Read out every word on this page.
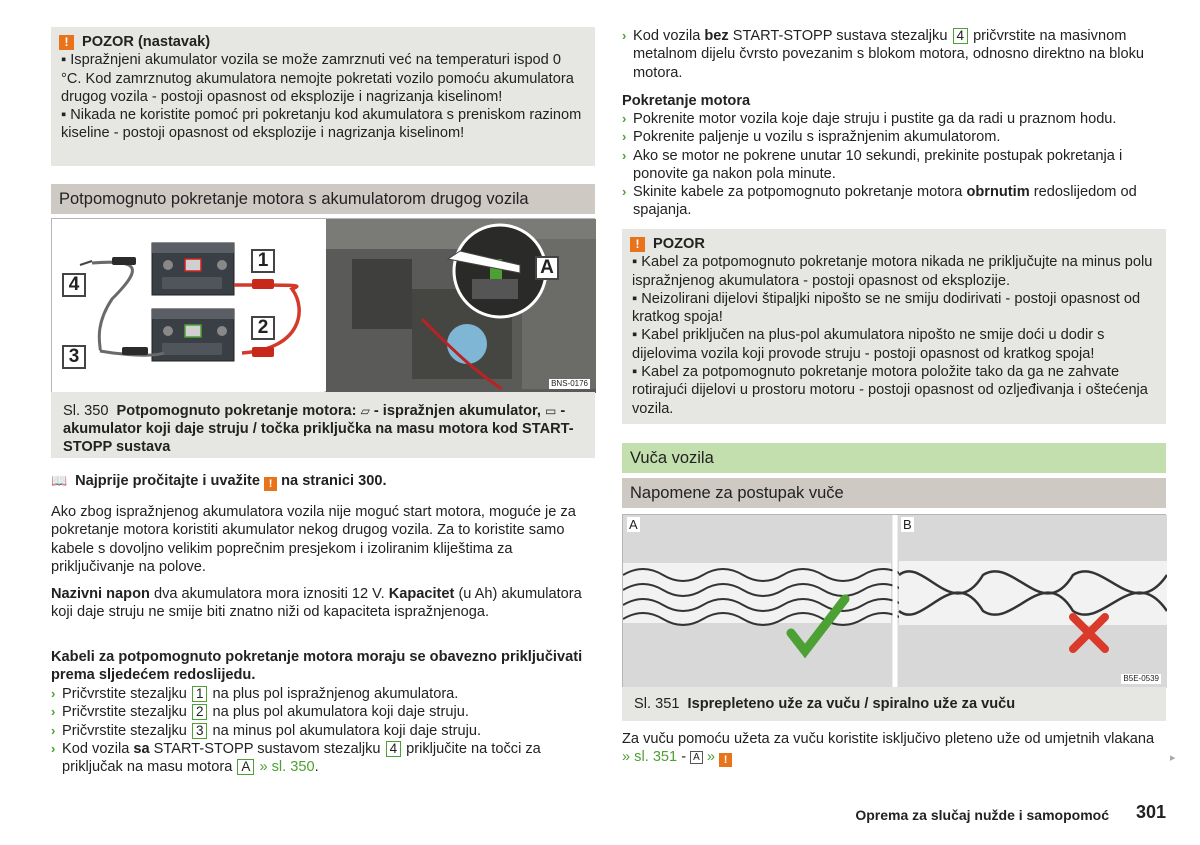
! POZOR (nastavak)

▪ Ispražnjeni akumulator vozila se može zamrznuti već na temperaturi ispod 0 °C. Kod zamrznutog akumulatora nemojte pokretati vozilo pomoću akumulatora drugog vozila - postoji opasnost od eksplozije i nagrizanja kiselinom!

▪ Nikada ne koristite pomoć pri pokretanju kod akumulatora s preniskom razinom kiseline - postoji opasnost od eksplozije i nagrizanja kiselinom!

Potpomognuto pokretanje motora s akumulatorom drugog vozila
1
2
3
4
A
BNS-0176
Sl. 350 Potpomognuto pokretanje motora: ▱ - ispražnjen akumulator, ▭ - akumulator koji daje struju / točka priključka na masu motora kod START-STOPP sustava
📖 Najprije pročitajte i uvažite ! na stranici 300.

Ako zbog ispražnjenog akumulatora vozila nije moguć start motora, moguće je za pokretanje motora koristiti akumulator nekog drugog vozila. Za to koristite samo kabele s dovoljno velikim poprečnim presjekom i izoliranim kliještima za priključivanje na polove.

Nazivni napon dva akumulatora mora iznositi 12 V. Kapacitet (u Ah) akumulatora koji daje struju ne smije biti znatno niži od kapaciteta ispražnjenoga.

Kabeli za potpomognuto pokretanje motora moraju se obavezno priključivati prema sljedećem redoslijedu.

› Pričvrstite stezaljku 1 na plus pol ispražnjenog akumulatora.
› Pričvrstite stezaljku 2 na plus pol akumulatora koji daje struju.
› Pričvrstite stezaljku 3 na minus pol akumulatora koji daje struju.
› Kod vozila sa START-STOPP sustavom stezaljku 4 priključite na točci za priključak na masu motora A » sl. 350.
› Kod vozila bez START-STOPP sustava stezaljku 4 pričvrstite na masivnom metalnom dijelu čvrsto povezanim s blokom motora, odnosno direktno na bloku motora.

Pokretanje motora

› Pokrenite motor vozila koje daje struju i pustite ga da radi u praznom hodu.
› Pokrenite paljenje u vozilu s ispražnjenim akumulatorom.
› Ako se motor ne pokrene unutar 10 sekundi, prekinite postupak pokretanja i ponovite ga nakon pola minute.
› Skinite kabele za potpomognuto pokretanje motora obrnutim redoslijedom od spajanja.
! POZOR

▪ Kabel za potpomognuto pokretanje motora nikada ne priključujte na minus polu ispražnjenog akumulatora - postoji opasnost od eksplozije.

▪ Neizolirani dijelovi štipaljki nipošto se ne smiju dodirivati - postoji opasnost od kratkog spoja!

▪ Kabel priključen na plus-pol akumulatora nipošto ne smije doći u dodir s dijelovima vozila koji provode struju - postoji opasnost od kratkog spoja!

▪ Kabel za potpomognuto pokretanje motora položite tako da ga ne zahvate rotirajući dijelovi u prostoru motoru - postoji opasnost od ozljeđivanja i oštećenja vozila.

Vuča vozila
Napomene za postupak vuče
A	B
B5E-0539
Sl. 351 Isprepleteno uže za vuču / spiralno uže za vuču

Za vuču pomoću užeta za vuču koristite isključivo pleteno uže od umjetnih vlakana » sl. 351 - A » !	▸
Oprema za slučaj nužde i samopomoć 301
